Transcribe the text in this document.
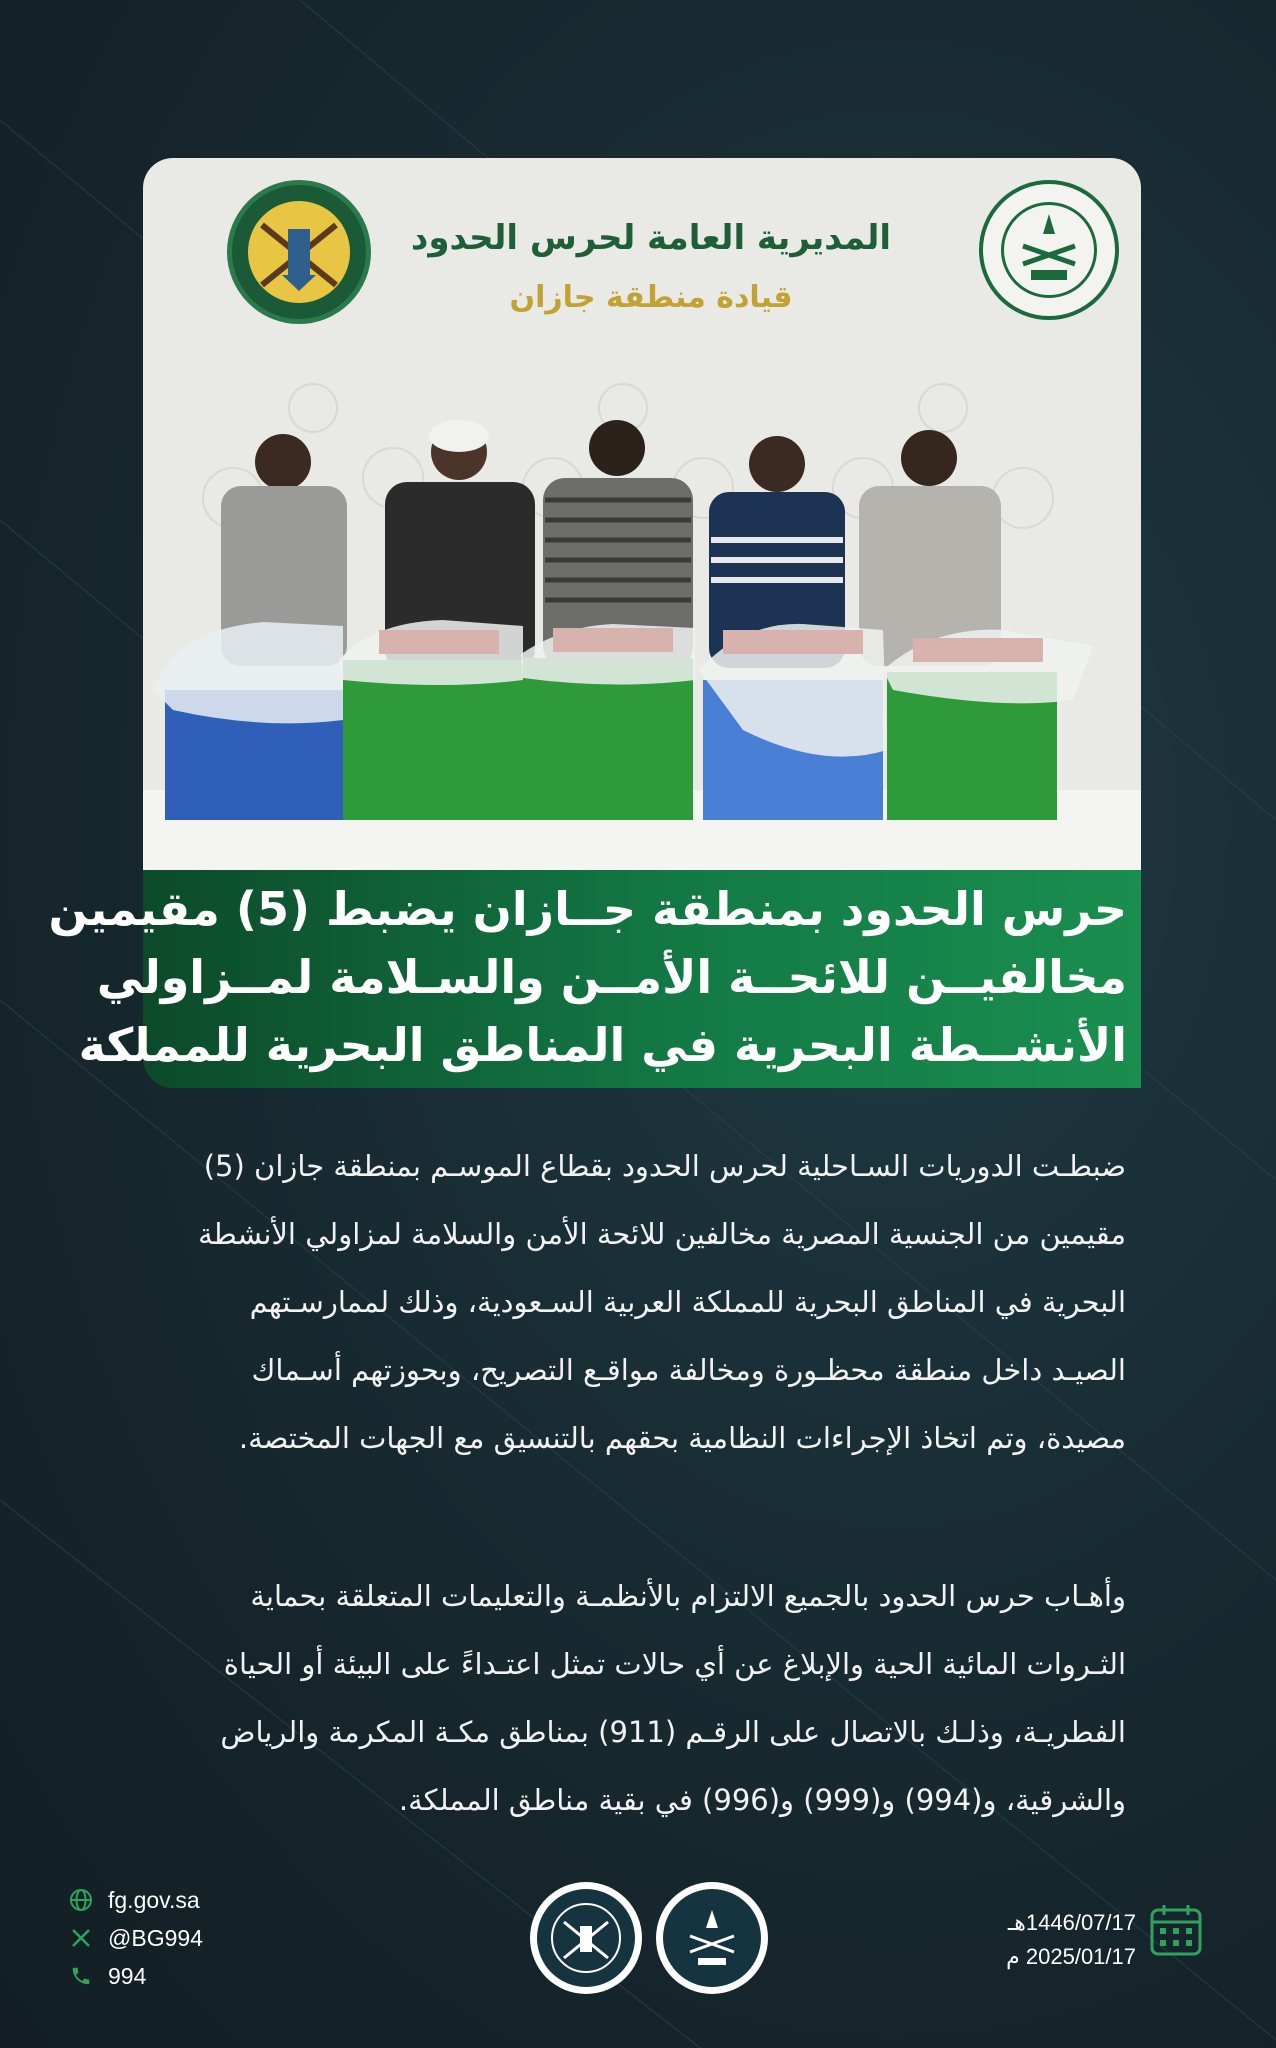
المديرية العامة لحرس الحدود
قيادة منطقة جازان
حرس الحدود بمنطقة جــازان يضبط (5) مقيمين
مخالفيــن للائحــة الأمــن والسـلامة لمــزاولي
الأنشــطة البحرية في المناطق البحرية للمملكة
ضبطـت الدوريات السـاحلية لحرس الحدود بقطاع الموسـم بمنطقة جازان (5)
مقيمين من الجنسية المصرية مخالفين للائحة الأمن والسلامة لمزاولي الأنشطة
البحرية في المناطق البحرية للمملكة العربية السـعودية، وذلك لممارسـتهم
الصيـد داخل منطقة محظـورة ومخالفة مواقـع التصريح، وبحوزتهم أسـماك
مصيدة، وتم اتخاذ الإجراءات النظامية بحقهم بالتنسيق مع الجهات المختصة.
وأهـاب حرس الحدود بالجميع الالتزام بالأنظمـة والتعليمات المتعلقة بحماية
الثـروات المائية الحية والإبلاغ عن أي حالات تمثل اعتـداءً على البيئة أو الحياة
الفطريـة، وذلـك بالاتصال على الرقـم (911) بمناطق مكـة المكرمة والرياض
والشرقية، و(994) و(999) و(996) في بقية مناطق المملكة.
fg.gov.sa
@BG994
994
1446/07/17هـ
2025/01/17 م
